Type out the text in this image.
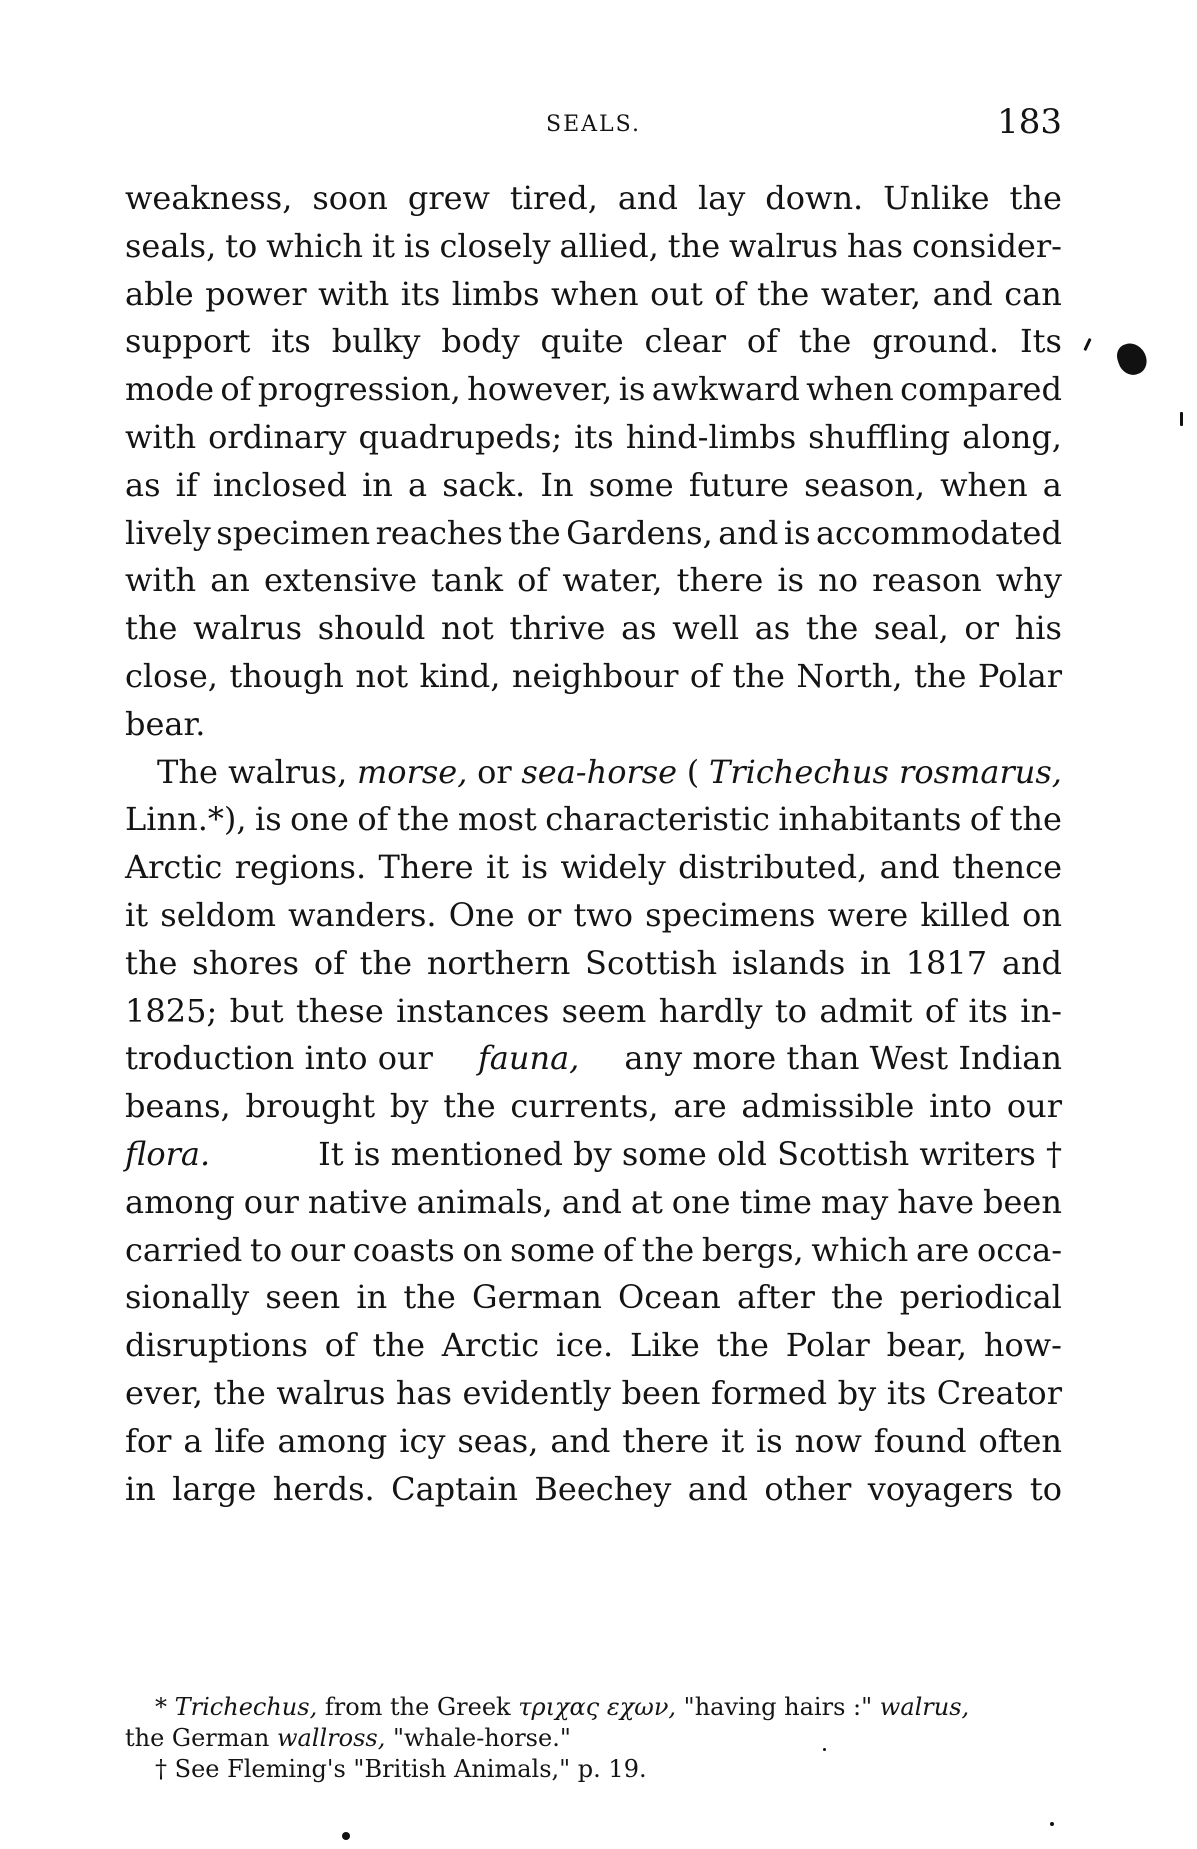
SEALS.	183
weakness, soon grew tired, and lay down. Unlike the
seals, to which it is closely allied, the walrus has consider-
able power with its limbs when out of the water, and can
support its bulky body quite clear of the ground. Its
mode of progression, however, is awkward when compared
with ordinary quadrupeds; its hind-limbs shuffling along,
as if inclosed in a sack. In some future season, when a
lively specimen reaches the Gardens, and is accommodated
with an extensive tank of water, there is no reason why
the walrus should not thrive as well as the seal, or his
close, though not kind, neighbour of the North, the Polar
bear.
The walrus, morse, or sea-horse ( Trichechus rosmarus,
Linn.*), is one of the most characteristic inhabitants of the
Arctic regions. There it is widely distributed, and thence
it seldom wanders. One or two specimens were killed on
the shores of the northern Scottish islands in 1817 and
1825; but these instances seem hardly to admit of its in-
troduction into our fauna, any more than West Indian
beans, brought by the currents, are admissible into our
flora.	It is mentioned by some old Scottish writers †
among our native animals, and at one time may have been
carried to our coasts on some of the bergs, which are occa-
sionally seen in the German Ocean after the periodical
disruptions of the Arctic ice. Like the Polar bear, how-
ever, the walrus has evidently been formed by its Creator
for a life among icy seas, and there it is now found often
in large herds. Captain Beechey and other voyagers to
* Trichechus, from the Greek τριχας εχων, "having hairs :" walrus,
the German wallross, "whale-horse."
† See Fleming's "British Animals," p. 19.
